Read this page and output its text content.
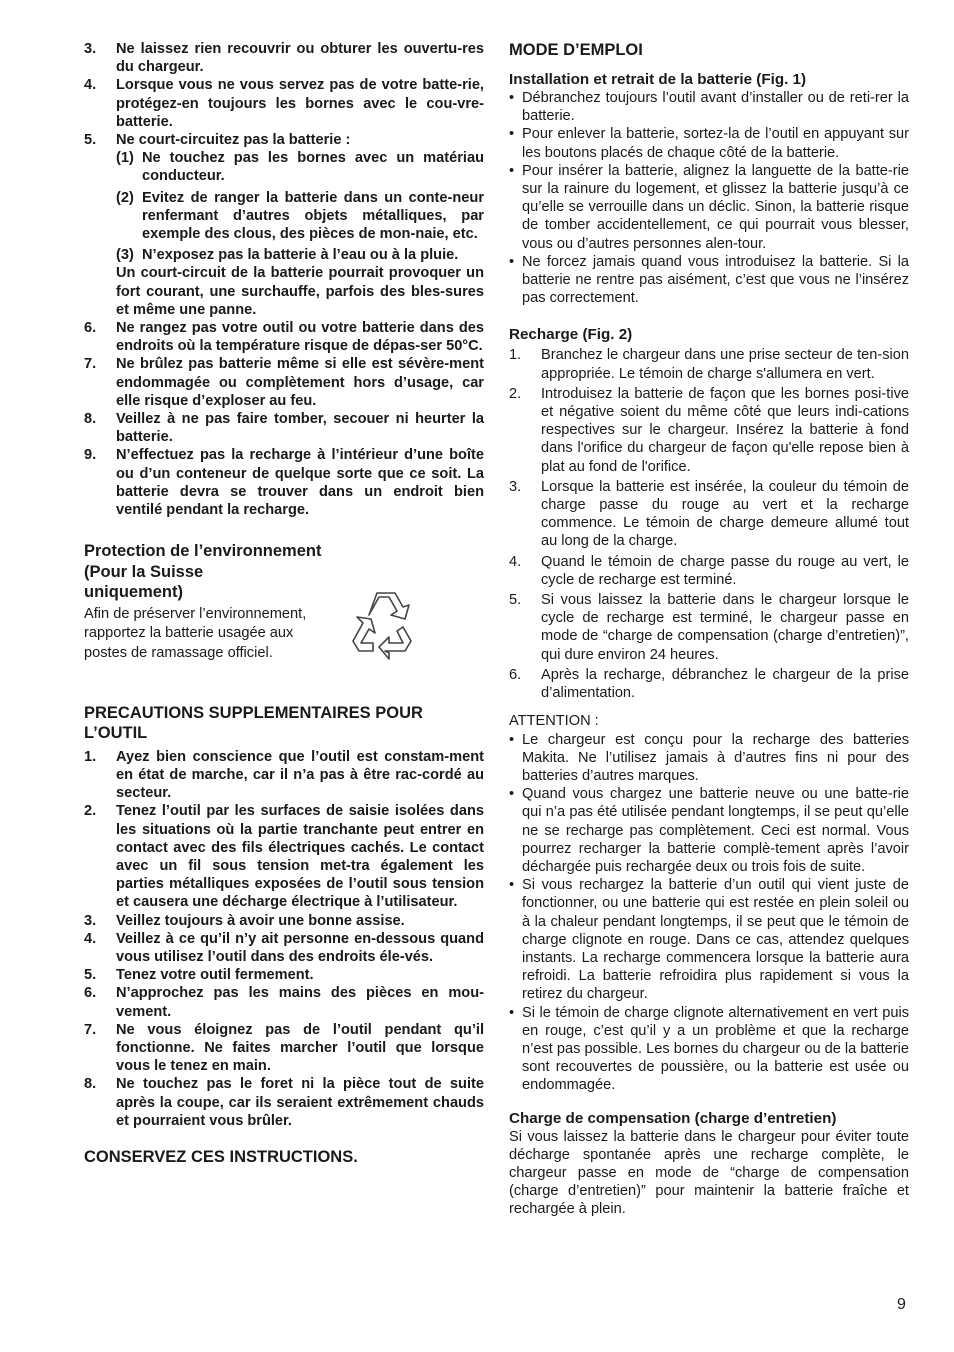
3.	Ne laissez rien recouvrir ou obturer les ouvertu-res du chargeur.
4.	Lorsque vous ne vous servez pas de votre batte-rie, protégez-en toujours les bornes avec le cou-vre-batterie.
5.	Ne court-circuitez pas la batterie :
(1) Ne touchez pas les bornes avec un matériau conducteur.
(2) Evitez de ranger la batterie dans un conte-neur renfermant d’autres objets métalliques, par exemple des clous, des pièces de mon-naie, etc.
(3) N’exposez pas la batterie à l’eau ou à la pluie.
Un court-circuit de la batterie pourrait provoquer un fort courant, une surchauffe, parfois des bles-sures et même une panne.
6.	Ne rangez pas votre outil ou votre batterie dans des endroits où la température risque de dépas-ser 50°C.
7.	Ne brûlez pas batterie même si elle est sévère-ment endommagée ou complètement hors d’usage, car elle risque d’exploser au feu.
8.	Veillez à ne pas faire tomber, secouer ni heurter la batterie.
9.	N’effectuez pas la recharge à l’intérieur d’une boîte ou d’un conteneur de quelque sorte que ce soit. La batterie devra se trouver dans un endroit bien ventilé pendant la recharge.
Protection de l’environnement
(Pour la Suisse
uniquement)
Afin de préserver l’environnement, rapportez la batterie usagée aux postes de ramassage officiel.
PRECAUTIONS SUPPLEMENTAIRES POUR L’OUTIL
1.	Ayez bien conscience que l’outil est constam-ment en état de marche, car il n’a pas à être rac-cordé au secteur.
2.	Tenez l’outil par les surfaces de saisie isolées dans les situations où la partie tranchante peut entrer en contact avec des fils électriques cachés. Le contact avec un fil sous tension met-tra également les parties métalliques exposées de l’outil sous tension et causera une décharge électrique à l’utilisateur.
3.	Veillez toujours à avoir une bonne assise.
4.	Veillez à ce qu’il n’y ait personne en-dessous quand vous utilisez l’outil dans des endroits éle-vés.
5.	Tenez votre outil fermement.
6.	N’approchez pas les mains des pièces en mou-vement.
7.	Ne vous éloignez pas de l’outil pendant qu’il fonctionne. Ne faites marcher l’outil que lorsque vous le tenez en main.
8.	Ne touchez pas le foret ni la pièce tout de suite après la coupe, car ils seraient extrêmement chauds et pourraient vous brûler.
CONSERVEZ CES INSTRUCTIONS.
MODE D’EMPLOI
Installation et retrait de la batterie (Fig. 1)
• Débranchez toujours l’outil avant d’installer ou de reti-rer la batterie.
• Pour enlever la batterie, sortez-la de l’outil en appuyant sur les boutons placés de chaque côté de la batterie.
• Pour insérer la batterie, alignez la languette de la batte-rie sur la rainure du logement, et glissez la batterie jusqu’à ce qu’elle se verrouille dans un déclic. Sinon, la batterie risque de tomber accidentellement, ce qui pourrait vous blesser, vous ou d’autres personnes alen-tour.
• Ne forcez jamais quand vous introduisez la batterie. Si la batterie ne rentre pas aisément, c’est que vous ne l’insérez pas correctement.
Recharge (Fig. 2)
1.	Branchez le chargeur dans une prise secteur de ten-sion appropriée. Le témoin de charge s'allumera en vert.
2.	Introduisez la batterie de façon que les bornes posi-tive et négative soient du même côté que leurs indi-cations respectives sur le chargeur. Insérez la batterie à fond dans l'orifice du chargeur de façon qu'elle repose bien à plat au fond de l'orifice.
3.	Lorsque la batterie est insérée, la couleur du témoin de charge passe du rouge au vert et la recharge commence. Le témoin de charge demeure allumé tout au long de la charge.
4.	Quand le témoin de charge passe du rouge au vert, le cycle de recharge est terminé.
5.	Si vous laissez la batterie dans le chargeur lorsque le cycle de recharge est terminé, le chargeur passe en mode de “charge de compensation (charge d’entretien)”, qui dure environ 24 heures.
6.	Après la recharge, débranchez le chargeur de la prise d’alimentation.
ATTENTION :
• Le chargeur est conçu pour la recharge des batteries Makita. Ne l’utilisez jamais à d’autres fins ni pour des batteries d’autres marques.
• Quand vous chargez une batterie neuve ou une batte-rie qui n’a pas été utilisée pendant longtemps, il se peut qu’elle ne se recharge pas complètement. Ceci est normal. Vous pourrez recharger la batterie complè-tement après l’avoir déchargée puis rechargée deux ou trois fois de suite.
• Si vous rechargez la batterie d’un outil qui vient juste de fonctionner, ou une batterie qui est restée en plein soleil ou à la chaleur pendant longtemps, il se peut que le témoin de charge clignote en rouge. Dans ce cas, attendez quelques instants. La recharge commencera lorsque la batterie aura refroidi. La batterie refroidira plus rapidement si vous la retirez du chargeur.
• Si le témoin de charge clignote alternativement en vert puis en rouge, c’est qu’il y a un problème et que la recharge n’est pas possible. Les bornes du chargeur ou de la batterie sont recouvertes de poussière, ou la batterie est usée ou endommagée.
Charge de compensation (charge d’entretien)
Si vous laissez la batterie dans le chargeur pour éviter toute décharge spontanée après une recharge complète, le chargeur passe en mode de “charge de compensation (charge d’entretien)” pour maintenir la batterie fraîche et rechargée à plein.
9
